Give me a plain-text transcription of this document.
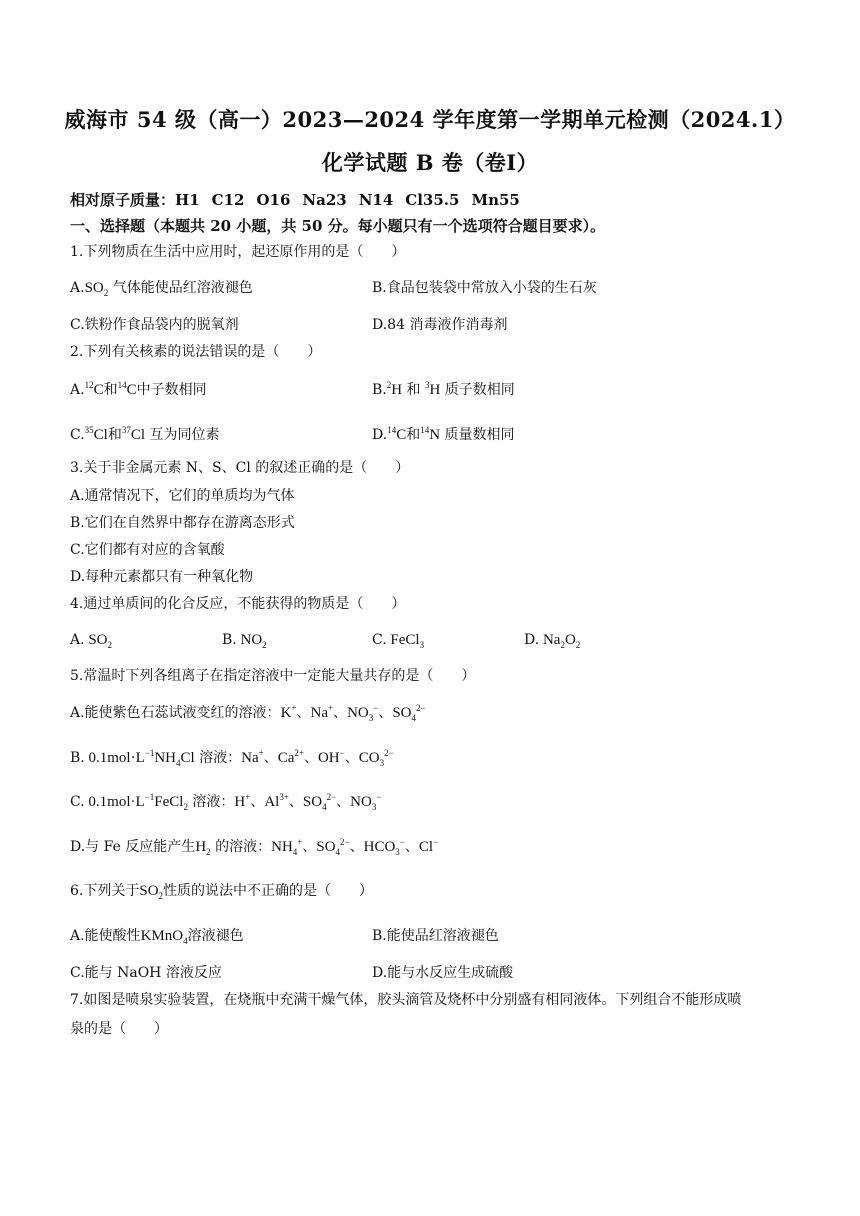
威海市 54 级（高一）2023—2024 学年度第一学期单元检测（2024.1）
化学试题 B 卷（卷Ⅰ）
相对原子质量：H1 C12 O16 Na23 N14 Cl35.5 Mn55
一、选择题（本题共 20 小题，共 50 分。每小题只有一个选项符合题目要求）。
1.下列物质在生活中应用时，起还原作用的是（　　）
$A.SO_2$ 气体能使品红溶液褪色	B.食品包装袋中常放入小袋的生石灰
C.铁粉作食品袋内的脱氧剂	D.84 消毒液作消毒剂
2.下列有关核素的说法错误的是（　　）
A.$^{12}$C和$^{14}$C中子数相同	B.$^2$H 和 $^3$H 质子数相同
C.$^{35}$Cl和$^{37}$Cl 互为同位素	D.$^{14}$C和$^{14}$N 质量数相同
3.关于非金属元素 N、S、Cl 的叙述正确的是（　　）
A.通常情况下，它们的单质均为气体
B.它们在自然界中都存在游离态形式
C.它们都有对应的含氧酸
D.每种元素都只有一种氧化物
4.通过单质间的化合反应，不能获得的物质是（　　）
A. $SO_2$	B. $NO_2$	C. FeCl$_3$	D. $Na_2O_2$
5.常温时下列各组离子在指定溶液中一定能大量共存的是（　　）
A.能使紫色石蕊试液变红的溶液：K+、Na+、$NO_3^-$、$SO_4^{2-}$
B. $0.1mol\cdot L^{-1}NH_4Cl$ 溶液：Na+、$Ca^{2+}$、OH−、$CO_3^{2-}$
C. $0.1mol\cdot L^{-1}FeCl_2$ 溶液：H+、$Al^{3+}$、$SO_4^{2-}$、$NO_3^-$
D.与 Fe 反应能产生$H_2$ 的溶液：$NH_4^+$、$SO_4^{2-}$、$HCO_3^-$、Cl−
6.下列关于$SO_2$性质的说法中不正确的是（　　）
A.能使酸性KMnO$_4$溶液褪色	B.能使品红溶液褪色
C.能与 NaOH 溶液反应	D.能与水反应生成硫酸
7.如图是喷泉实验装置，在烧瓶中充满干燥气体，胶头滴管及烧杯中分别盛有相同液体。下列组合不能形成喷
泉的是（　　）
